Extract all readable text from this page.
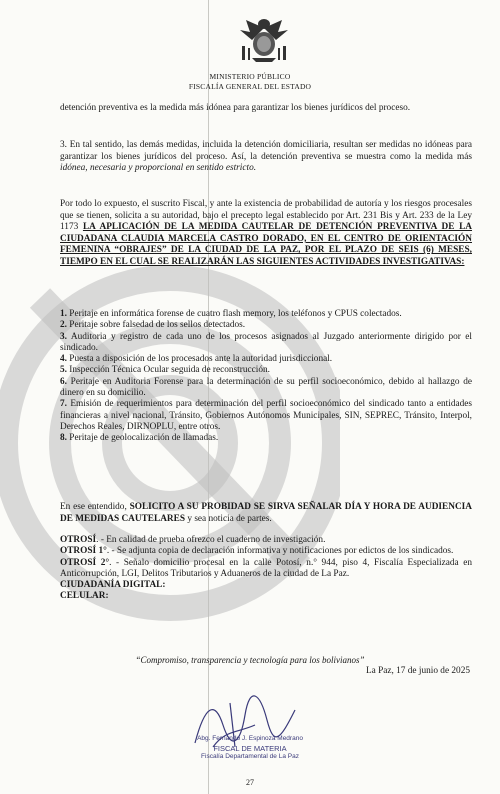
MINISTERIO PÚBLICO
FISCALÍA GENERAL DEL ESTADO
detención preventiva es la medida más idónea para garantizar los bienes jurídicos del proceso.
3. En tal sentido, las demás medidas, incluida la detención domiciliaria, resultan ser medidas no idóneas para garantizar los bienes jurídicos del proceso. Así, la detención preventiva se muestra como la medida más idónea, necesaria y proporcional en sentido estricto.
Por todo lo expuesto, el suscrito Fiscal, y ante la existencia de probabilidad de autoría y los riesgos procesales que se tienen, solicita a su autoridad, bajo el precepto legal establecido por Art. 231 Bis y Art. 233 de la Ley 1173 LA APLICACIÓN DE LA MEDIDA CAUTELAR DE DETENCIÓN PREVENTIVA DE LA CIUDADANA CLAUDIA MARCELA CASTRO DORADO, EN EL CENTRO DE ORIENTACIÓN FEMENINA “OBRAJES” DE LA CIUDAD DE LA PAZ, POR EL PLAZO DE SEIS (6) MESES, TIEMPO EN EL CUAL SE REALIZARÁN LAS SIGUIENTES ACTIVIDADES INVESTIGATIVAS:

1. Peritaje en informática forense de cuatro flash memory, los teléfonos y CPUS colectados.

2. Peritaje sobre falsedad de los sellos detectados.

3. Auditoria y registro de cada uno de los procesos asignados al Juzgado anteriormente dirigido por el sindicado.

4. Puesta a disposición de los procesados ante la autoridad jurisdiccional.

5. Inspección Técnica Ocular seguida de reconstrucción.

6. Peritaje en Auditoria Forense para la determinación de su perfil socioeconómico, debido al hallazgo de dinero en su domicilio.

7. Emisión de requerimientos para determinación del perfil socioeconómico del sindicado tanto a entidades financieras a nivel nacional, Tránsito, Gobiernos Autónomos Municipales, SIN, SEPREC, Tránsito, Interpol, Derechos Reales, DIRNOPLU, entre otros.

8. Peritaje de geolocalización de llamadas.

En ese entendido, SOLICITO A SU PROBIDAD SE SIRVA SEÑALAR DÍA Y HORA DE AUDIENCIA DE MEDIDAS CAUTELARES y sea noticia de partes.

OTROSÍ. - En calidad de prueba ofrezco el cuaderno de investigación.

OTROSÍ 1°. - Se adjunta copia de declaración informativa y notificaciones por edictos de los sindicados.

OTROSÍ 2°. - Señalo domicilio procesal en la calle Potosí, n.° 944, piso 4, Fiscalía Especializada en Anticorrupción, LGI, Delitos Tributarios y Aduaneros de la ciudad de La Paz.

CIUDADANÍA DIGITAL:

CELULAR:

“Compromiso, transparencia y tecnología para los bolivianos”
La Paz, 17 de junio de 2025
Abg. Fernando J. Espinoza Medrano
FISCAL DE MATERIA
Fiscalía Departamental de La Paz
27
